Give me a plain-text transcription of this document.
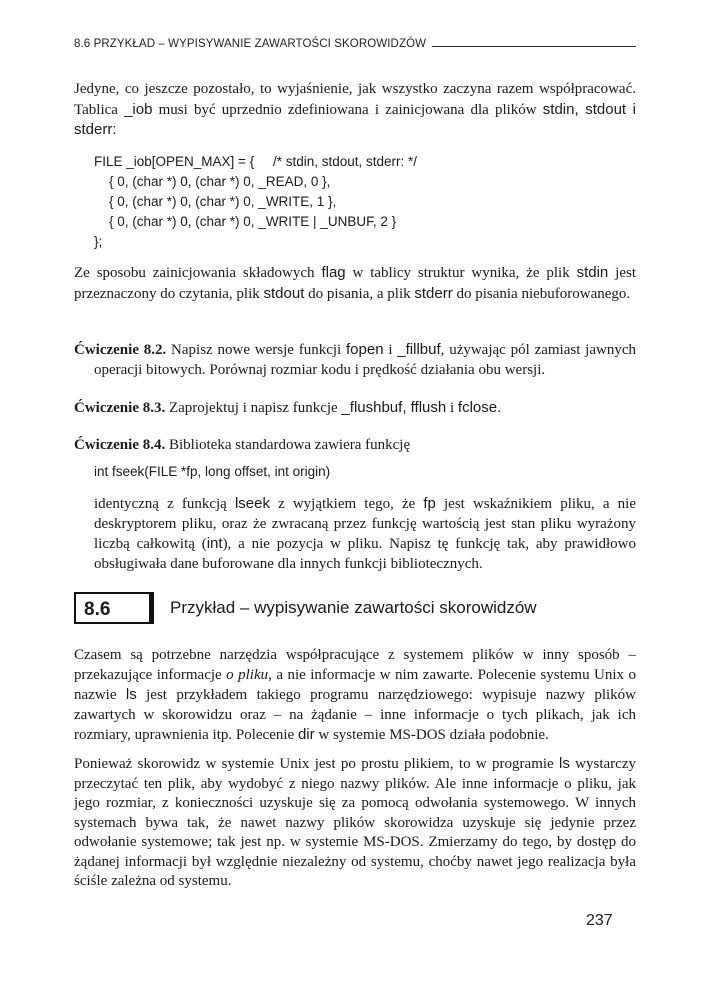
8.6 PRZYKŁAD – WYPISYWANIE ZAWARTOŚCI SKOROWIDZÓW

Jedyne, co jeszcze pozostało, to wyjaśnienie, jak wszystko zaczyna razem współpracować. Tablica _iob musi być uprzednio zdefiniowana i zainicjowana dla plików stdin, stdout i stderr:

FILE _iob[OPEN_MAX] = {     /* stdin, stdout, stderr: */
{ 0, (char *) 0, (char *) 0, _READ, 0 },
{ 0, (char *) 0, (char *) 0, _WRITE, 1 },
{ 0, (char *) 0, (char *) 0, _WRITE | _UNBUF, 2 }
};

Ze sposobu zainicjowania składowych flag w tablicy struktur wynika, że plik stdin jest przeznaczony do czytania, plik stdout do pisania, a plik stderr do pisania niebuforowanego.

Ćwiczenie 8.2. Napisz nowe wersje funkcji fopen i _fillbuf, używając pól zamiast jawnych operacji bitowych. Porównaj rozmiar kodu i prędkość działania obu wersji.

Ćwiczenie 8.3. Zaprojektuj i napisz funkcje _flushbuf, fflush i fclose.

Ćwiczenie 8.4. Biblioteka standardowa zawiera funkcję

int fseek(FILE *fp, long offset, int origin)

identyczną z funkcją lseek z wyjątkiem tego, że fp jest wskaźnikiem pliku, a nie deskryptorem pliku, oraz że zwracaną przez funkcję wartością jest stan pliku wyrażony liczbą całkowitą (int), a nie pozycja w pliku. Napisz tę funkcję tak, aby prawidłowo obsługiwała dane buforowane dla innych funkcji bibliotecznych.

8.6	Przykład – wypisywanie zawartości skorowidzów

Czasem są potrzebne narzędzia współpracujące z systemem plików w inny sposób – przekazujące informacje o pliku, a nie informacje w nim zawarte. Polecenie systemu Unix o nazwie ls jest przykładem takiego programu narzędziowego: wypisuje nazwy plików zawartych w skorowidzu oraz – na żądanie – inne informacje o tych plikach, jak ich rozmiary, uprawnienia itp. Polecenie dir w systemie MS-DOS działa podobnie.

Ponieważ skorowidz w systemie Unix jest po prostu plikiem, to w programie ls wystarczy przeczytać ten plik, aby wydobyć z niego nazwy plików. Ale inne informacje o pliku, jak jego rozmiar, z konieczności uzyskuje się za pomocą odwołania systemowego. W innych systemach bywa tak, że nawet nazwy plików skorowidza uzyskuje się jedynie przez odwołanie systemowe; tak jest np. w systemie MS-DOS. Zmierzamy do tego, by dostęp do żądanej informacji był względnie niezależny od systemu, choćby nawet jego realizacja była ściśle zależna od systemu.

237
